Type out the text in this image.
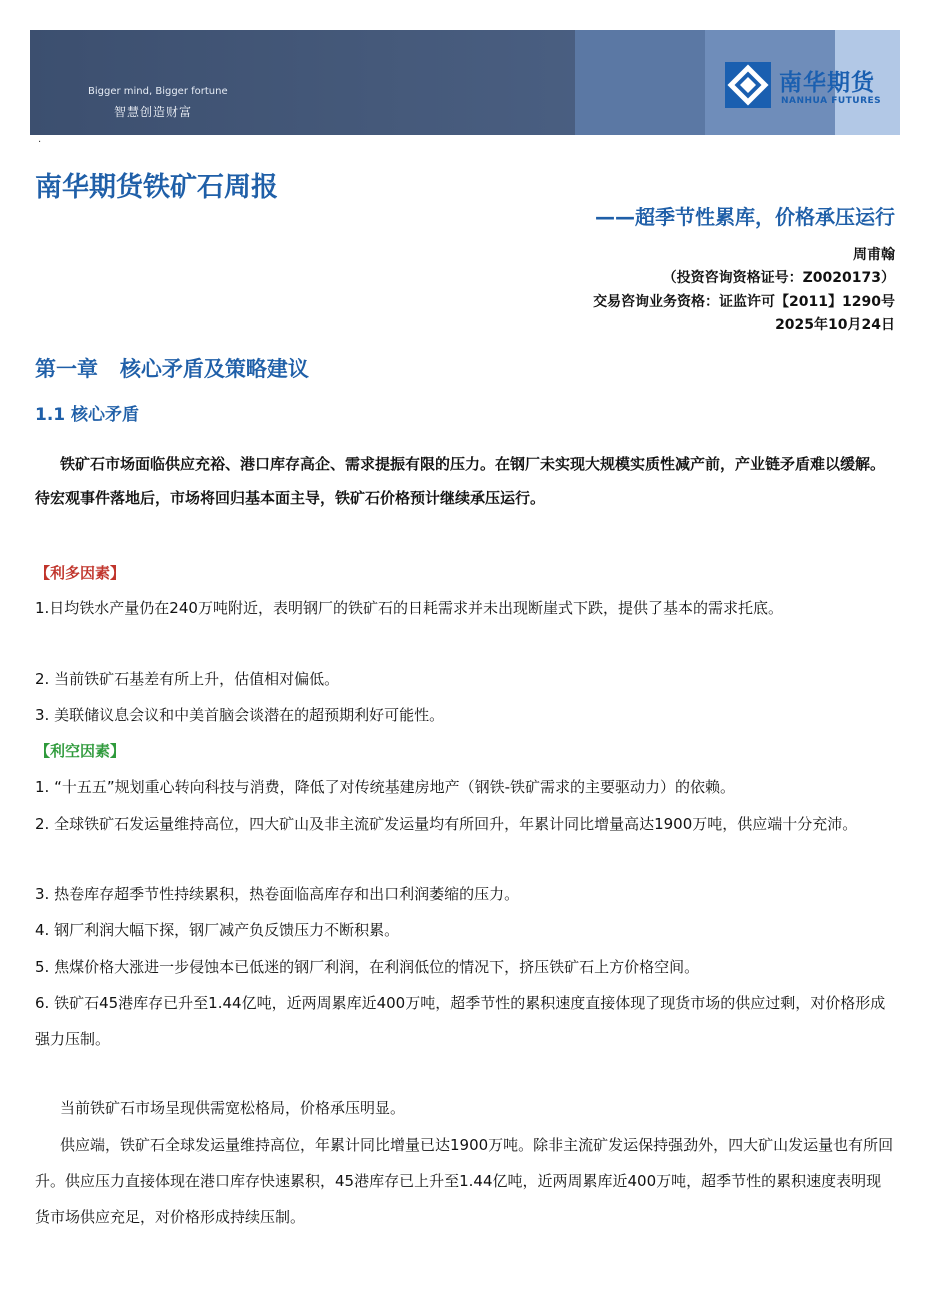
Bigger mind, Bigger fortune
智慧创造财富
南华期货
NANHUA FUTURES
·
南华期货铁矿石周报
——超季节性累库，价格承压运行
周甫翰
（投资咨询资格证号：Z0020173）
交易咨询业务资格：证监许可【2011】1290号
2025年10月24日
第一章   核心矛盾及策略建议
1.1 核心矛盾
铁矿石市场面临供应充裕、港口库存高企、需求提振有限的压力。在钢厂未实现大规模实质性减产前，产业链矛盾难以缓解。待宏观事件落地后，市场将回归基本面主导，铁矿石价格预计继续承压运行。
【利多因素】
1.日均铁水产量仍在240万吨附近，表明钢厂的铁矿石的日耗需求并未出现断崖式下跌，提供了基本的需求托底。
2. 当前铁矿石基差有所上升，估值相对偏低。
3. 美联储议息会议和中美首脑会谈潜在的超预期利好可能性。
【利空因素】
1. “十五五”规划重心转向科技与消费，降低了对传统基建房地产（钢铁-铁矿需求的主要驱动力）的依赖。
2. 全球铁矿石发运量维持高位，四大矿山及非主流矿发运量均有所回升，年累计同比增量高达1900万吨，供应端十分充沛。
3. 热卷库存超季节性持续累积，热卷面临高库存和出口利润萎缩的压力。
4. 钢厂利润大幅下探，钢厂减产负反馈压力不断积累。
5. 焦煤价格大涨进一步侵蚀本已低迷的钢厂利润，在利润低位的情况下，挤压铁矿石上方价格空间。
6. 铁矿石45港库存已升至1.44亿吨，近两周累库近400万吨，超季节性的累积速度直接体现了现货市场的供应过剩，对价格形成强力压制。
当前铁矿石市场呈现供需宽松格局，价格承压明显。
供应端，铁矿石全球发运量维持高位，年累计同比增量已达1900万吨。除非主流矿发运保持强劲外，四大矿山发运量也有所回升。供应压力直接体现在港口库存快速累积，45港库存已上升至1.44亿吨，近两周累库近400万吨，超季节性的累积速度表明现货市场供应充足，对价格形成持续压制。
